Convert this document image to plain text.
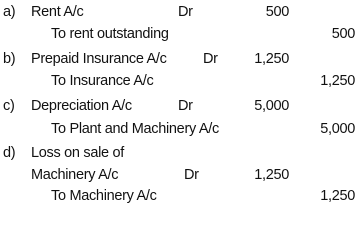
a) Rent A/c	Dr	500
To rent outstanding	500
b) Prepaid Insurance A/c	Dr	1,250
To Insurance A/c	1,250
c) Depreciation A/c	Dr	5,000
To Plant and Machinery A/c	5,000
d) Loss on sale of
Machinery A/c	Dr	1,250
To Machinery A/c	1,250
